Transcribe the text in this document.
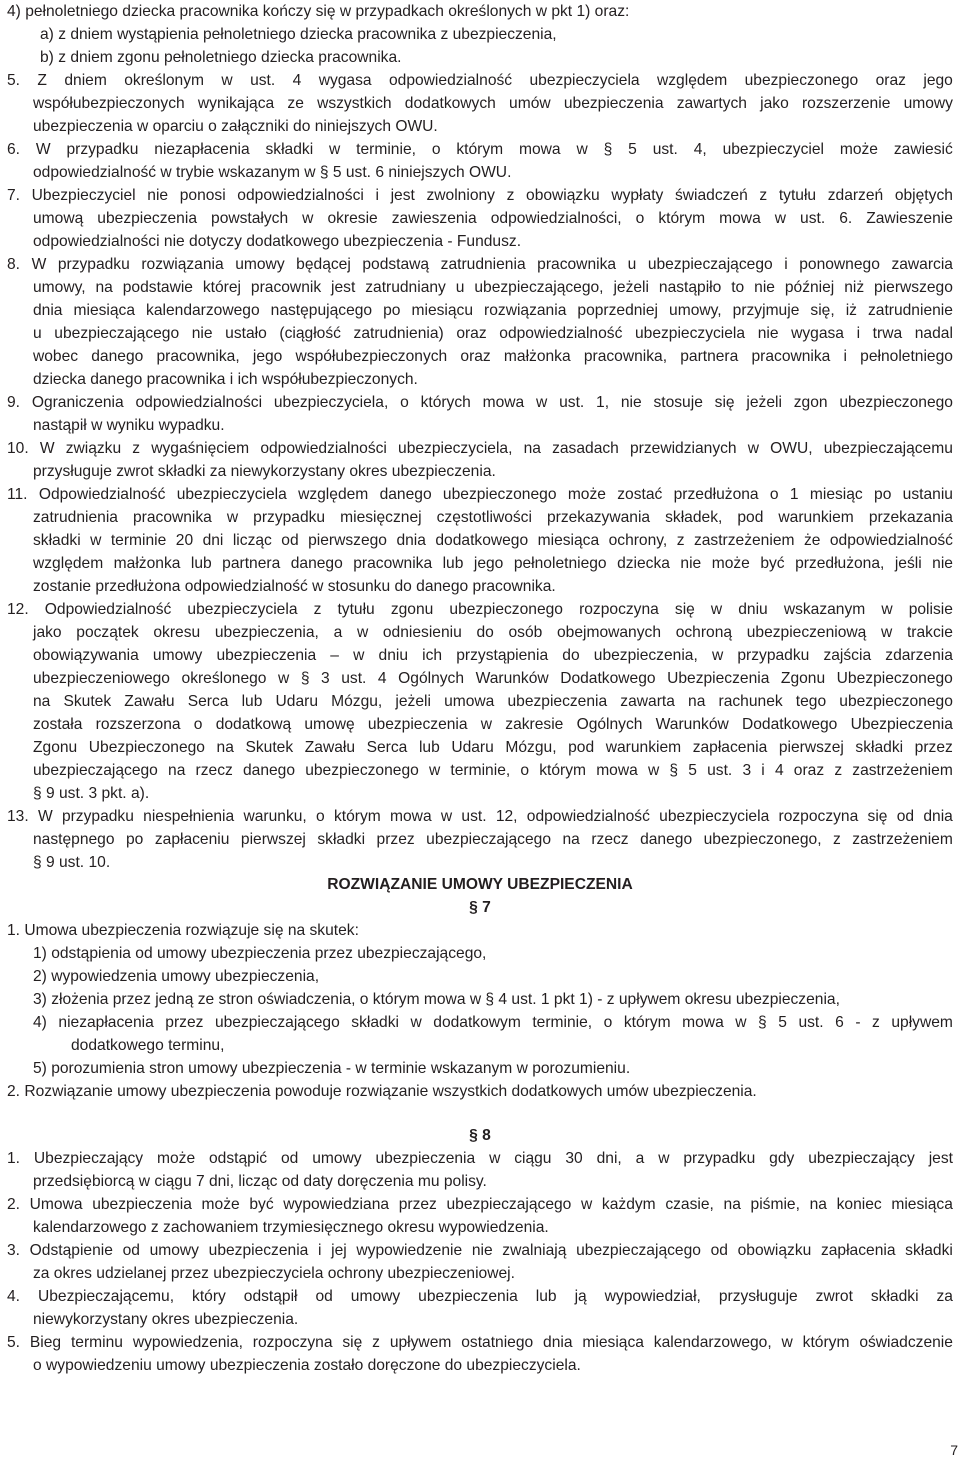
4) pełnoletniego dziecka pracownika kończy się w przypadkach określonych w pkt 1) oraz:
a) z dniem wystąpienia pełnoletniego dziecka pracownika z ubezpieczenia,
b) z dniem zgonu pełnoletniego dziecka pracownika.
5. Z dniem określonym w ust. 4 wygasa odpowiedzialność ubezpieczyciela względem ubezpieczonego oraz jego
współubezpieczonych wynikająca ze wszystkich dodatkowych umów ubezpieczenia zawartych jako rozszerzenie umowy
ubezpieczenia w oparciu o załączniki do niniejszych OWU.
6. W przypadku niezapłacenia składki w terminie, o którym mowa w § 5 ust. 4, ubezpieczyciel może zawiesić
odpowiedzialność w trybie wskazanym w § 5 ust. 6 niniejszych OWU.
7. Ubezpieczyciel nie ponosi odpowiedzialności i jest zwolniony z obowiązku wypłaty świadczeń z tytułu zdarzeń objętych
umową ubezpieczenia powstałych w okresie zawieszenia odpowiedzialności, o którym mowa w ust. 6. Zawieszenie
odpowiedzialności nie dotyczy dodatkowego ubezpieczenia - Fundusz.
8. W przypadku rozwiązania umowy będącej podstawą zatrudnienia pracownika u ubezpieczającego i ponownego zawarcia
umowy, na podstawie której pracownik jest zatrudniany u ubezpieczającego, jeżeli nastąpiło to nie później niż pierwszego
dnia miesiąca kalendarzowego następującego po miesiącu rozwiązania poprzedniej umowy, przyjmuje się, iż zatrudnienie
u ubezpieczającego nie ustało (ciągłość zatrudnienia) oraz odpowiedzialność ubezpieczyciela nie wygasa i trwa nadal
wobec danego pracownika, jego współubezpieczonych oraz małżonka pracownika, partnera pracownika i pełnoletniego
dziecka danego pracownika i ich współubezpieczonych.
9. Ograniczenia odpowiedzialności ubezpieczyciela, o których mowa w ust. 1, nie stosuje się jeżeli zgon ubezpieczonego
nastąpił w wyniku wypadku.
10. W związku z wygaśnięciem odpowiedzialności ubezpieczyciela, na zasadach przewidzianych w OWU, ubezpieczającemu
przysługuje zwrot składki za niewykorzystany okres ubezpieczenia.
11. Odpowiedzialność ubezpieczyciela względem danego ubezpieczonego może zostać przedłużona o 1 miesiąc po ustaniu
zatrudnienia pracownika w przypadku miesięcznej częstotliwości przekazywania składek, pod warunkiem przekazania
składki w terminie 20 dni licząc od pierwszego dnia dodatkowego miesiąca ochrony, z zastrzeżeniem że odpowiedzialność
względem małżonka lub partnera danego pracownika lub jego pełnoletniego dziecka nie może być przedłużona, jeśli nie
zostanie przedłużona odpowiedzialność w stosunku do danego pracownika.
12. Odpowiedzialność ubezpieczyciela z tytułu zgonu ubezpieczonego rozpoczyna się w dniu wskazanym w polisie
jako początek okresu ubezpieczenia, a w odniesieniu do osób obejmowanych ochroną ubezpieczeniową w trakcie
obowiązywania umowy ubezpieczenia – w dniu ich przystąpienia do ubezpieczenia, w przypadku zajścia zdarzenia
ubezpieczeniowego określonego w § 3 ust. 4 Ogólnych Warunków Dodatkowego Ubezpieczenia Zgonu Ubezpieczonego
na Skutek Zawału Serca lub Udaru Mózgu, jeżeli umowa ubezpieczenia zawarta na rachunek tego ubezpieczonego
została rozszerzona o dodatkową umowę ubezpieczenia w zakresie Ogólnych Warunków Dodatkowego Ubezpieczenia
Zgonu Ubezpieczonego na Skutek Zawału Serca lub Udaru Mózgu, pod warunkiem zapłacenia pierwszej składki przez
ubezpieczającego na rzecz danego ubezpieczonego w terminie, o którym mowa w § 5 ust. 3 i 4 oraz z zastrzeżeniem
§ 9 ust. 3 pkt. a).
13. W przypadku niespełnienia warunku, o którym mowa w ust. 12, odpowiedzialność ubezpieczyciela rozpoczyna się od dnia
następnego po zapłaceniu pierwszej składki przez ubezpieczającego na rzecz danego ubezpieczonego, z zastrzeżeniem
§ 9 ust. 10.
1. Umowa ubezpieczenia rozwiązuje się na skutek:
1) odstąpienia od umowy ubezpieczenia przez ubezpieczającego,
2) wypowiedzenia umowy ubezpieczenia,
3) złożenia przez jedną ze stron oświadczenia, o którym mowa w § 4 ust. 1 pkt 1) - z upływem okresu ubezpieczenia,
4) niezapłacenia przez ubezpieczającego składki w dodatkowym terminie, o którym mowa w § 5 ust. 6 - z upływem
dodatkowego terminu,
5) porozumienia stron umowy ubezpieczenia - w terminie wskazanym w porozumieniu.
2. Rozwiązanie umowy ubezpieczenia powoduje rozwiązanie wszystkich dodatkowych umów ubezpieczenia.
1. Ubezpieczający może odstąpić od umowy ubezpieczenia w ciągu 30 dni, a w przypadku gdy ubezpieczający jest
przedsiębiorcą w ciągu 7 dni, licząc od daty doręczenia mu polisy.
2. Umowa ubezpieczenia może być wypowiedziana przez ubezpieczającego w każdym czasie, na piśmie, na koniec miesiąca
kalendarzowego z zachowaniem trzymiesięcznego okresu wypowiedzenia.
3. Odstąpienie od umowy ubezpieczenia i jej wypowiedzenie nie zwalniają ubezpieczającego od obowiązku zapłacenia składki
za okres udzielanej przez ubezpieczyciela ochrony ubezpieczeniowej.
4. Ubezpieczającemu, który odstąpił od umowy ubezpieczenia lub ją wypowiedział, przysługuje zwrot składki za
niewykorzystany okres ubezpieczenia.
5. Bieg terminu wypowiedzenia, rozpoczyna się z upływem ostatniego dnia miesiąca kalendarzowego, w którym oświadczenie
o wypowiedzeniu umowy ubezpieczenia zostało doręczone do ubezpieczyciela.
7
ROZWIĄZANIE UMOWY UBEZPIECZENIA
§ 7
§ 8
